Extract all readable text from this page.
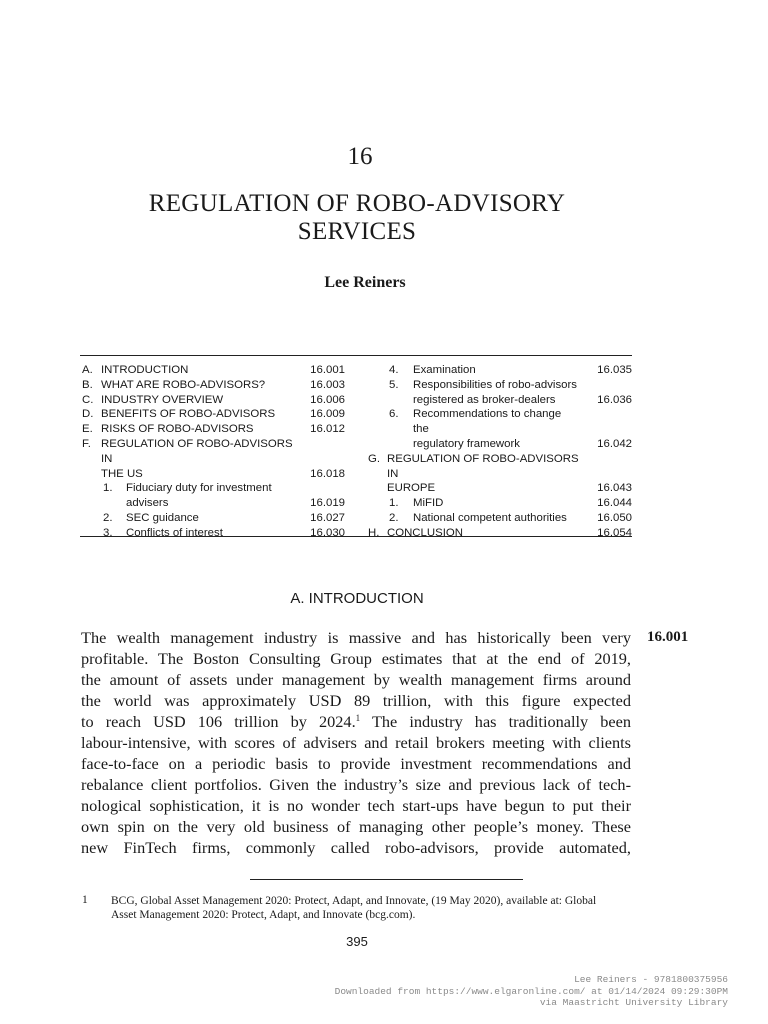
16
REGULATION OF ROBO-ADVISORY
SERVICES
Lee Reiners
A. INTRODUCTION	16.001
B. WHAT ARE ROBO-ADVISORS?	16.003
C. INDUSTRY OVERVIEW	16.006
D. BENEFITS OF ROBO-ADVISORS	16.009
E. RISKS OF ROBO-ADVISORS	16.012
F. REGULATION OF ROBO-ADVISORS IN
THE US	16.018
1. Fiduciary duty for investment
advisers	16.019
2. SEC guidance	16.027
3. Conflicts of interest	16.030
4. Examination	16.035
5. Responsibilities of robo-advisors
registered as broker-dealers	16.036
6. Recommendations to change the
regulatory framework	16.042
G. REGULATION OF ROBO-ADVISORS IN
EUROPE	16.043
1. MiFID	16.044
2. National competent authorities	16.050
H. CONCLUSION	16.054
A. INTRODUCTION
16.001
The wealth management industry is massive and has historically been very
profitable. The Boston Consulting Group estimates that at the end of 2019,
the amount of assets under management by wealth management firms around
the world was approximately USD 89 trillion, with this figure expected
to reach USD 106 trillion by 2024.$^1$ The industry has traditionally been
labour-intensive, with scores of advisers and retail brokers meeting with clients
face-to-face on a periodic basis to provide investment recommendations and
rebalance client portfolios. Given the industry’s size and previous lack of tech-
nological sophistication, it is no wonder tech start-ups have begun to put their
own spin on the very old business of managing other people’s money. These
new FinTech firms, commonly called robo-advisors, provide automated,
1 BCG, Global Asset Management 2020: Protect, Adapt, and Innovate, (19 May 2020), available at: Global
Asset Management 2020: Protect, Adapt, and Innovate (bcg.com).
395
Lee Reiners - 9781800375956
Downloaded from https://www.elgaronline.com/ at 01/14/2024 09:29:30PM
via Maastricht University Library
